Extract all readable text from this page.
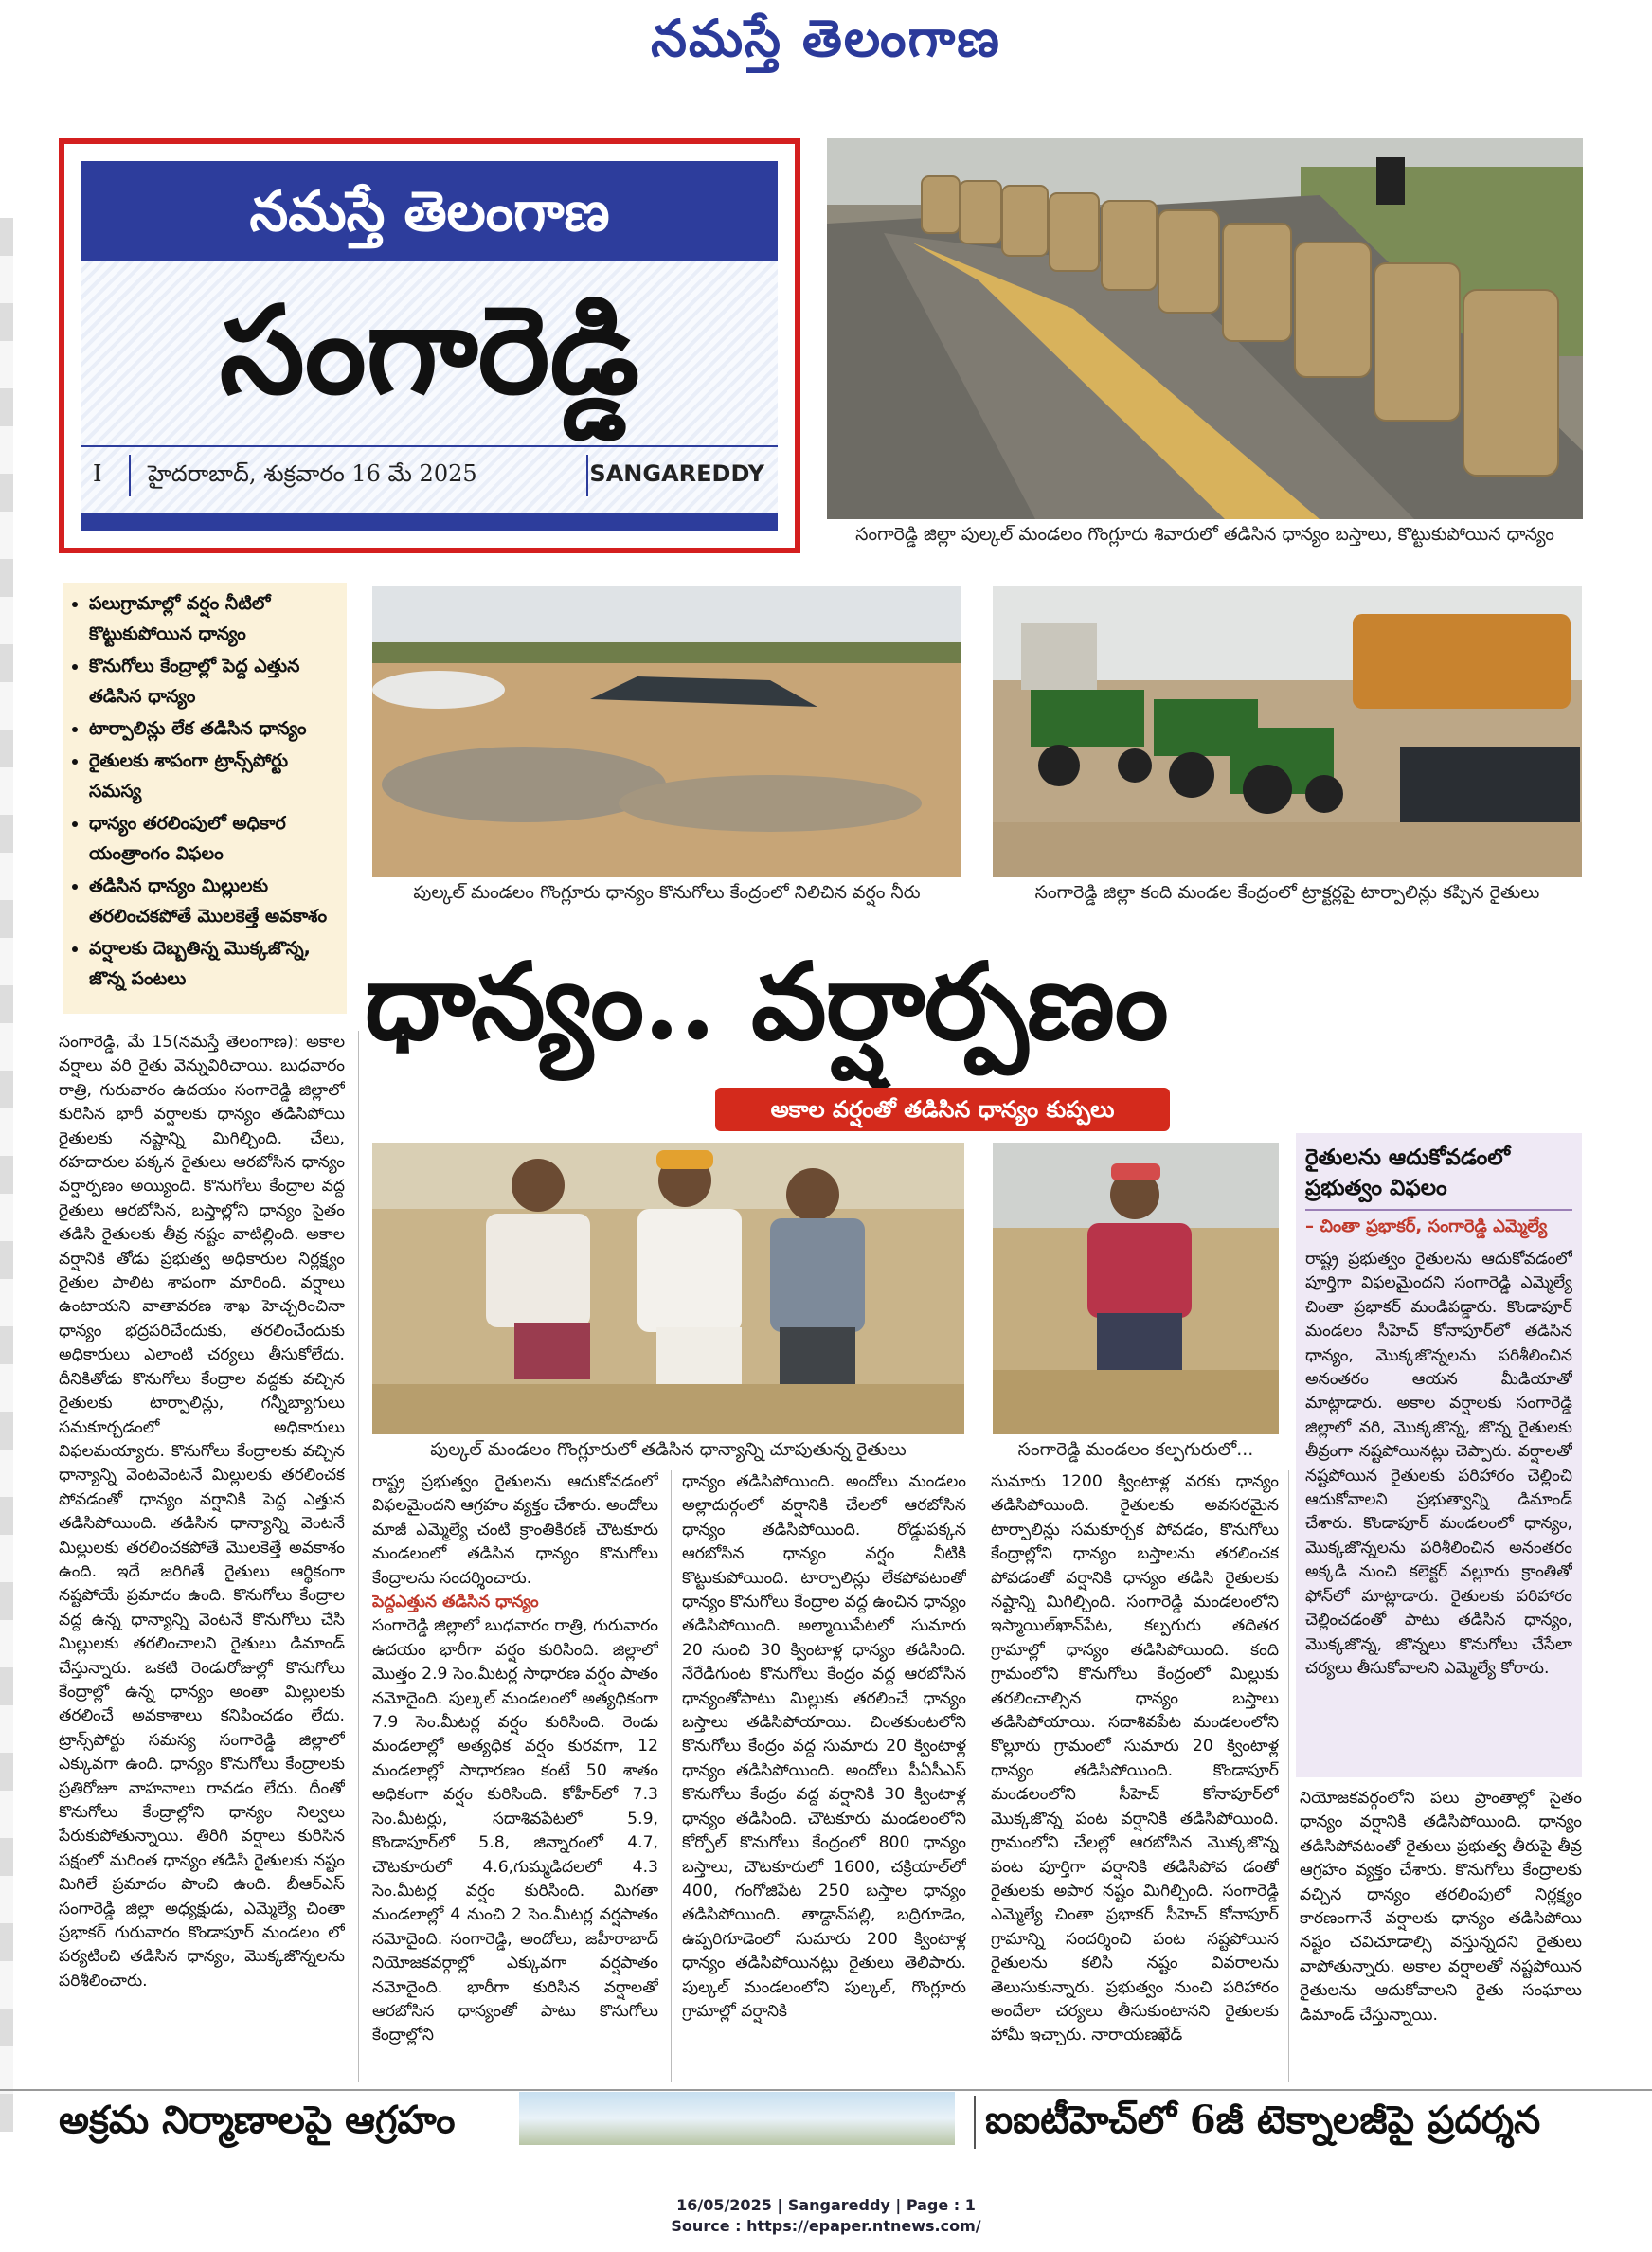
నమస్తే తెలంగాణ
నమస్తే తెలంగాణ
సంగారెడ్డి
I హైదరాబాద్, శుక్రవారం 16 మే 2025	SANGAREDDY
సంగారెడ్డి జిల్లా పుల్కల్ మండలం గొంగ్లూరు శివారులో తడిసిన ధాన్యం బస్తాలు, కొట్టుకుపోయిన ధాన్యం
• పలుగ్రామాల్లో వర్షం నీటిలో కొట్టుకుపోయిన ధాన్యం
• కొనుగోలు కేంద్రాల్లో పెద్ద ఎత్తున తడిసిన ధాన్యం
• టార్పాలిన్లు లేక తడిసిన ధాన్యం
• రైతులకు శాపంగా ట్రాన్స్‌పోర్టు సమస్య
• ధాన్యం తరలింపులో అధికార యంత్రాంగం విఫలం
• తడిసిన ధాన్యం మిల్లులకు తరలించకపోతే మొలకెత్తే అవకాశం
• వర్షాలకు దెబ్బతిన్న మొక్కజొన్న, జొన్న పంటలు
పుల్కల్ మండలం గొంగ్లూరు ధాన్యం కొనుగోలు కేంద్రంలో నిలిచిన వర్షం నీరు	సంగారెడ్డి జిల్లా కంది మండల కేంద్రంలో ట్రాక్టర్లపై టార్పాలిన్లు కప్పిన రైతులు
ధాన్యం.. వర్షార్పణం
అకాల వర్షంతో తడిసిన ధాన్యం కుప్పలు
పుల్కల్ మండలం గొంగ్లూరులో తడిసిన ధాన్యాన్ని చూపుతున్న రైతులు	సంగారెడ్డి మండలం కల్పగురులో...

సంగారెడ్డి, మే 15(నమస్తే తెలంగాణ): అకాల వర్షాలు వరి రైతు వెన్నువిరిచాయి. బుధవారం రాత్రి, గురువారం ఉదయం సంగారెడ్డి జిల్లాలో కురిసిన భారీ వర్షాలకు ధాన్యం తడిసిపోయి రైతులకు నష్టాన్ని మిగిల్చింది. చేలు, రహదారుల పక్కన రైతులు ఆరబోసిన ధాన్యం వర్షార్పణం అయ్యింది. కొనుగోలు కేంద్రాల వద్ద రైతులు ఆరబోసిన, బస్తాల్లోని ధాన్యం సైతం తడిసి రైతులకు తీవ్ర నష్టం వాటిల్లింది. అకాల వర్షానికి తోడు ప్రభుత్వ అధికారుల నిర్లక్ష్యం రైతుల పాలిట శాపంగా మారింది. వర్షాలు ఉంటాయని వాతావరణ శాఖ హెచ్చరించినా ధాన్యం భద్రపరిచేందుకు, తరలించేందుకు అధికారులు ఎలాంటి చర్యలు తీసుకోలేదు. దీనికితోడు కొనుగోలు కేంద్రాల వద్దకు వచ్చిన రైతులకు టార్పాలిన్లు, గన్నీబ్యాగులు సమకూర్చడంలో అధికారులు విఫలమయ్యారు. కొనుగోలు కేంద్రాలకు వచ్చిన ధాన్యాన్ని వెంటవెంటనే మిల్లులకు తరలించక పోవడంతో ధాన్యం వర్షానికి పెద్ద ఎత్తున తడిసిపోయింది. తడిసిన ధాన్యాన్ని వెంటనే మిల్లులకు తరలించకపోతే మొలకెత్తే అవకాశం ఉంది. ఇదే జరిగితే రైతులు ఆర్థికంగా నష్టపోయే ప్రమాదం ఉంది. కొనుగోలు కేంద్రాల వద్ద ఉన్న ధాన్యాన్ని వెంటనే కొనుగోలు చేసి మిల్లులకు తరలించాలని రైతులు డిమాండ్ చేస్తున్నారు. ఒకటి రెండురోజుల్లో కొనుగోలు కేంద్రాల్లో ఉన్న ధాన్యం అంతా మిల్లులకు తరలించే అవకాశాలు కనిపించడం లేదు. ట్రాన్స్‌పోర్టు సమస్య సంగారెడ్డి జిల్లాలో ఎక్కువగా ఉంది. ధాన్యం కొనుగోలు కేంద్రాలకు ప్రతిరోజూ వాహనాలు రావడం లేదు. దీంతో కొనుగోలు కేంద్రాల్లోని ధాన్యం నిల్వలు పేరుకుపోతున్నాయి. తిరిగి వర్షాలు కురిసిన పక్షంలో మరింత ధాన్యం తడిసి రైతులకు నష్టం మిగిలే ప్రమాదం పొంచి ఉంది. బీఆర్‌ఎస్ సంగారెడ్డి జిల్లా అధ్యక్షుడు, ఎమ్మెల్యే చింతా ప్రభాకర్ గురువారం కొండాపూర్ మండలం లో పర్యటించి తడిసిన ధాన్యం, మొక్కజొన్నలను పరిశీలించారు.

రాష్ట్ర ప్రభుత్వం రైతులను ఆదుకోవడంలో విఫలమైందని ఆగ్రహం వ్యక్తం చేశారు. అందోలు మాజీ ఎమ్మెల్యే చంటి క్రాంతికిరణ్ చౌటకూరు మండలంలో తడిసిన ధాన్యం కొనుగోలు కేంద్రాలను సందర్శించారు.

పెద్దఎత్తున తడిసిన ధాన్యం

సంగారెడ్డి జిల్లాలో బుధవారం రాత్రి, గురువారం ఉదయం భారీగా వర్షం కురిసింది. జిల్లాలో మొత్తం 2.9 సెం.మీటర్ల సాధారణ వర్షం పాతం నమోదైంది. పుల్కల్ మండలంలో అత్యధికంగా 7.9 సెం.మీటర్ల వర్షం కురిసింది. రెండు మండలాల్లో అత్యధిక వర్షం కురవగా, 12 మండలాల్లో సాధారణం కంటే 50 శాతం అధికంగా వర్షం కురిసింది. కోహీర్‌లో 7.3 సెం.మీటర్లు, సదాశివపేటలో 5.9, కొండాపూర్‌లో 5.8, జిన్నారంలో 4.7, చౌటకూరులో 4.6,గుమ్మడిదలలో 4.3 సెం.మీటర్ల వర్షం కురిసింది. మిగతా మండలాల్లో 4 నుంచి 2 సెం.మీటర్ల వర్షపాతం నమోదైంది. సంగారెడ్డి, అందోలు, జహీరాబాద్ నియోజకవర్గాల్లో ఎక్కువగా వర్షపాతం నమోదైంది. భారీగా కురిసిన వర్షాలతో ఆరబోసిన ధాన్యంతో పాటు కొనుగోలు కేంద్రాల్లోని

ధాన్యం తడిసిపోయింది. అందోలు మండలం అల్లాదుర్గంలో వర్షానికి చేలలో ఆరబోసిన ధాన్యం తడిసిపోయింది. రోడ్డుపక్కన ఆరబోసిన ధాన్యం వర్షం నీటికి కొట్టుకుపోయింది. టార్పాలిన్లు లేకపోవటంతో ధాన్యం కొనుగోలు కేంద్రాల వద్ద ఉంచిన ధాన్యం తడిసిపోయింది. అల్మాయిపేటలో సుమారు 20 నుంచి 30 క్వింటాళ్ల ధాన్యం తడిసింది. నేరేడిగుంట కొనుగోలు కేంద్రం వద్ద ఆరబోసిన ధాన్యంతోపాటు మిల్లుకు తరలించే ధాన్యం బస్తాలు తడిసిపోయాయి. చింతకుంటలోని కొనుగోలు కేంద్రం వద్ద సుమారు 20 క్వింటాళ్ల ధాన్యం తడిసిపోయింది. అందోలు పీఏసీఎస్ కొనుగోలు కేంద్రం వద్ద వర్షానికి 30 క్వింటాళ్ల ధాన్యం తడిసింది. చౌటకూరు మండలంలోని కోర్పోల్ కొనుగోలు కేంద్రంలో 800 ధాన్యం బస్తాలు, చౌటకూరులో 1600, చక్రియాల్‌లో 400, గంగోజిపేట 250 బస్తాల ధాన్యం తడిసిపోయింది. తాడ్దాన్‌పల్లి, బద్రిగూడెం, ఉప్పరిగూడెంలో సుమారు 200 క్వింటాళ్ల ధాన్యం తడిసిపోయినట్లు రైతులు తెలిపారు. పుల్కల్ మండలంలోని పుల్కల్, గొంగ్లూరు గ్రామాల్లో వర్షానికి

సుమారు 1200 క్వింటాళ్ల వరకు ధాన్యం తడిసిపోయింది. రైతులకు అవసరమైన టార్పాలిన్లు సమకూర్చక పోవడం, కొనుగోలు కేంద్రాల్లోని ధాన్యం బస్తాలను తరలించక పోవడంతో వర్షానికి ధాన్యం తడిసి రైతులకు నష్టాన్ని మిగిల్చింది. సంగారెడ్డి మండలంలోని ఇస్మాయిల్‌ఖాన్‌పేట, కల్పగురు తదితర గ్రామాల్లో ధాన్యం తడిసిపోయింది. కంది గ్రామంలోని కొనుగోలు కేంద్రంలో మిల్లుకు తరలించాల్సిన ధాన్యం బస్తాలు తడిసిపోయాయి. సదాశివపేట మండలంలోని కొల్లూరు గ్రామంలో సుమారు 20 క్వింటాళ్ల ధాన్యం తడిసిపోయింది. కొండాపూర్ మండలంలోని సీహెచ్ కోనాపూర్‌లో మొక్కజొన్న పంట వర్షానికి తడిసిపోయింది. గ్రామంలోని చేలల్లో ఆరబోసిన మొక్కజొన్న పంట పూర్తిగా వర్షానికి తడిసిపోవ డంతో రైతులకు అపార నష్టం మిగిల్చింది. సంగారెడ్డి ఎమ్మెల్యే చింతా ప్రభాకర్ సీహెచ్ కోనాపూర్ గ్రామాన్ని సందర్శించి పంట నష్టపోయిన రైతులను కలిసి నష్టం వివరాలను తెలుసుకున్నారు. ప్రభుత్వం నుంచి పరిహారం అందేలా చర్యలు తీసుకుంటానని రైతులకు హామీ ఇచ్చారు. నారాయణఖేడ్

రైతులను ఆదుకోవడంలో ప్రభుత్వం విఫలం
– చింతా ప్రభాకర్, సంగారెడ్డి ఎమ్మెల్యే
రాష్ట్ర ప్రభుత్వం రైతులను ఆదుకోవడంలో పూర్తిగా విఫలమైందని సంగారెడ్డి ఎమ్మెల్యే చింతా ప్రభాకర్ మండిపడ్డారు. కొండాపూర్ మండలం సీహెచ్ కోనాపూర్‌లో తడిసిన ధాన్యం, మొక్కజొన్నలను పరిశీలించిన అనంతరం ఆయన మీడియాతో మాట్లాడారు. అకాల వర్షాలకు సంగారెడ్డి జిల్లాలో వరి, మొక్కజొన్న, జొన్న రైతులకు తీవ్రంగా నష్టపోయినట్లు చెప్పారు. వర్షాలతో నష్టపోయిన రైతులకు పరిహారం చెల్లించి ఆదుకోవాలని ప్రభుత్వాన్ని డిమాండ్ చేశారు. కొండాపూర్ మండలంలో ధాన్యం, మొక్కజొన్నలను పరిశీలించిన అనంతరం అక్కడి నుంచి కలెక్టర్ వల్లూరు క్రాంతితో ఫోన్‌లో మాట్లాడారు. రైతులకు పరిహారం చెల్లించడంతో పాటు తడిసిన ధాన్యం, మొక్కజొన్న, జొన్నలు కొనుగోలు చేసేలా చర్యలు తీసుకోవాలని ఎమ్మెల్యే కోరారు.

నియోజకవర్గంలోని పలు ప్రాంతాల్లో సైతం ధాన్యం వర్షానికి తడిసిపోయింది. ధాన్యం తడిసిపోవటంతో రైతులు ప్రభుత్వ తీరుపై తీవ్ర ఆగ్రహం వ్యక్తం చేశారు. కొనుగోలు కేంద్రాలకు వచ్చిన ధాన్యం తరలింపులో నిర్లక్ష్యం కారణంగానే వర్షాలకు ధాన్యం తడిసిపోయి నష్టం చవిచూడాల్సి వస్తున్నదని రైతులు వాపోతున్నారు. అకాల వర్షాలతో నష్టపోయిన రైతులను ఆదుకోవాలని రైతు సంఘాలు డిమాండ్ చేస్తున్నాయి.

అక్రమ నిర్మాణాలపై ఆగ్రహం	ఐఐటీహెచ్‌లో 6జీ టెక్నాలజీపై ప్రదర్శన
16/05/2025 | Sangareddy | Page : 1
Source : https://epaper.ntnews.com/
